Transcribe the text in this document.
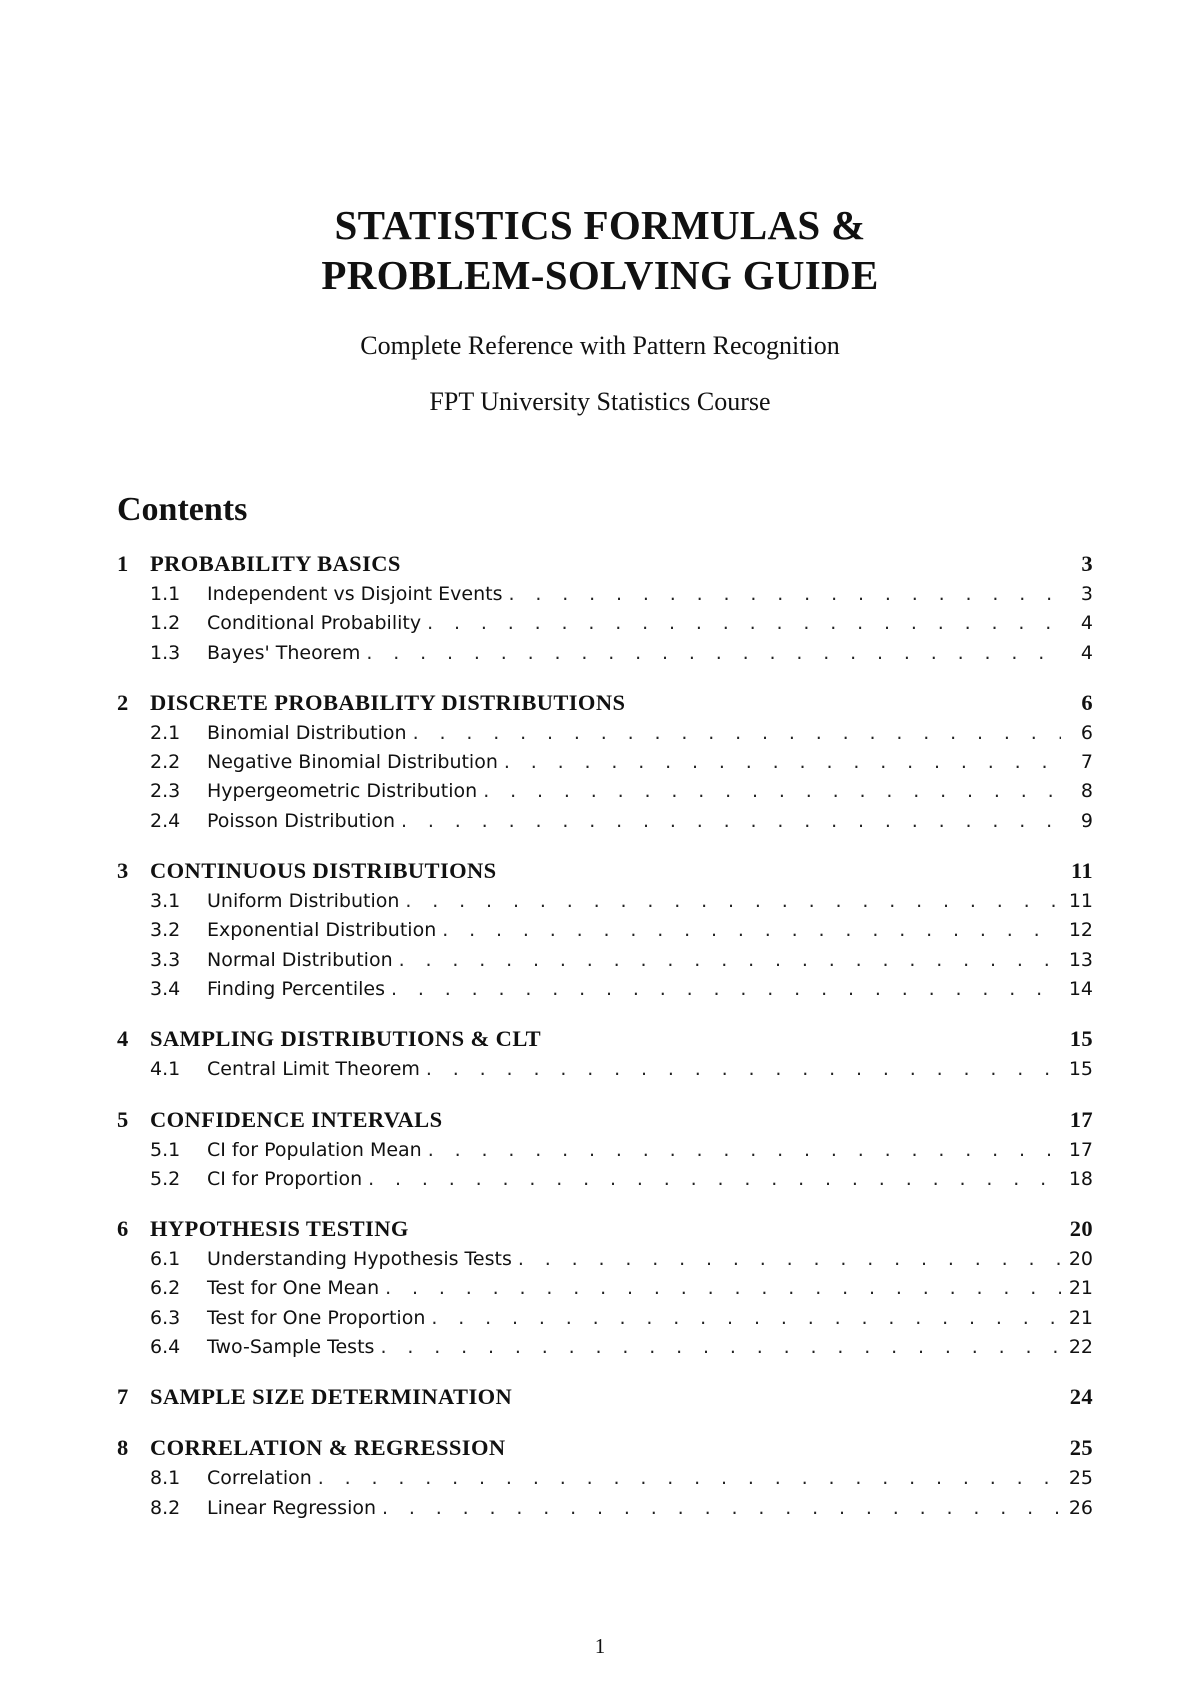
STATISTICS FORMULAS &
PROBLEM-SOLVING GUIDE
Complete Reference with Pattern Recognition
FPT University Statistics Course
Contents
1 PROBABILITY BASICS	3
1.1	Independent vs Disjoint Events . . .	3
1.2	Conditional Probability . . .	4
1.3	Bayes' Theorem . . .	4
2 DISCRETE PROBABILITY DISTRIBUTIONS	6
2.1	Binomial Distribution . . .	6
2.2	Negative Binomial Distribution . . .	7
2.3	Hypergeometric Distribution . . .	8
2.4	Poisson Distribution . . .	9
3 CONTINUOUS DISTRIBUTIONS	11
3.1	Uniform Distribution . . .	11
3.2	Exponential Distribution . . .	12
3.3	Normal Distribution . . .	13
3.4	Finding Percentiles . . .	14
4 SAMPLING DISTRIBUTIONS & CLT	15
4.1	Central Limit Theorem . . .	15
5 CONFIDENCE INTERVALS	17
5.1	CI for Population Mean . . .	17
5.2	CI for Proportion . . .	18
6 HYPOTHESIS TESTING	20
6.1	Understanding Hypothesis Tests . . .	20
6.2	Test for One Mean . . .	21
6.3	Test for One Proportion . . .	21
6.4	Two-Sample Tests . . .	22
7 SAMPLE SIZE DETERMINATION	24
8 CORRELATION & REGRESSION	25
8.1	Correlation . . .	25
8.2	Linear Regression . . .	26
1
